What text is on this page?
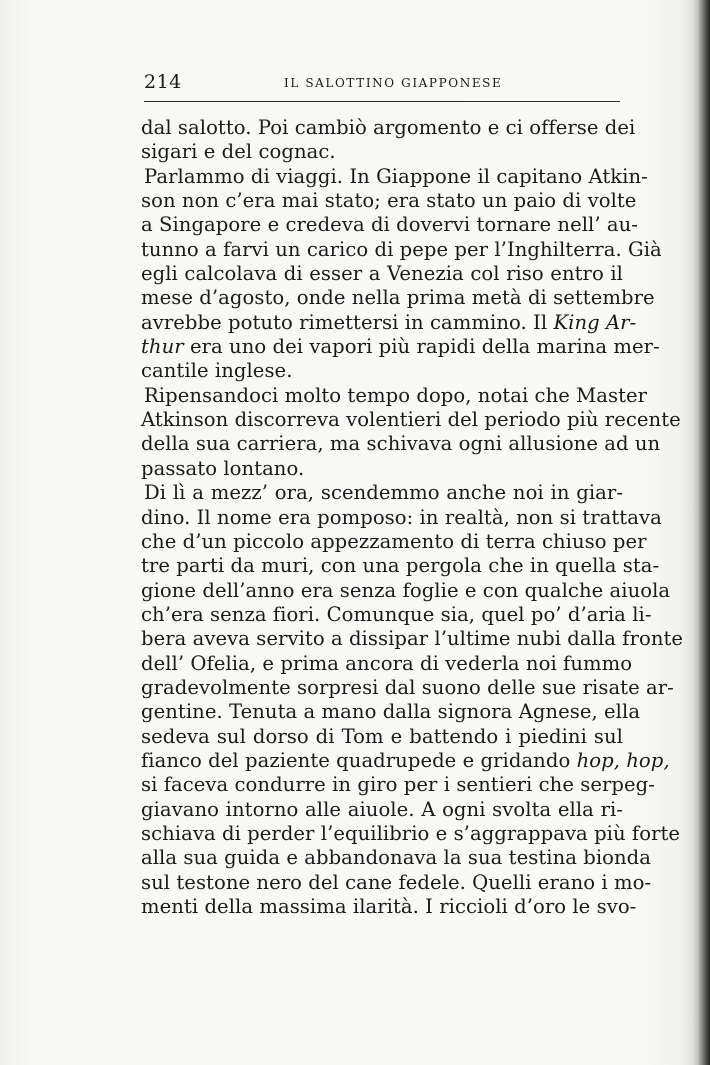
214	IL SALOTTINO GIAPPONESE
dal salotto. Poi cambiò argomento e ci offerse dei
sigari e del cognac.
Parlammo di viaggi. In Giappone il capitano Atkin-
son non c’era mai stato; era stato un paio di volte
a Singapore e credeva di dovervi tornare nell’ au-
tunno a farvi un carico di pepe per l’Inghilterra. Già
egli calcolava di esser a Venezia col riso entro il
mese d’agosto, onde nella prima metà di settembre
avrebbe potuto rimettersi in cammino. Il King Ar-
thur era uno dei vapori più rapidi della marina mer-
cantile inglese.
Ripensandoci molto tempo dopo, notai che Master
Atkinson discorreva volentieri del periodo più recente
della sua carriera, ma schivava ogni allusione ad un
passato lontano.
Di lì a mezz’ ora, scendemmo anche noi in giar-
dino. Il nome era pomposo: in realtà, non si trattava
che d’un piccolo appezzamento di terra chiuso per
tre parti da muri, con una pergola che in quella sta-
gione dell’anno era senza foglie e con qualche aiuola
ch’era senza fiori. Comunque sia, quel po’ d’aria li-
bera aveva servito a dissipar l’ultime nubi dalla fronte
dell’ Ofelia, e prima ancora di vederla noi fummo
gradevolmente sorpresi dal suono delle sue risate ar-
gentine. Tenuta a mano dalla signora Agnese, ella
sedeva sul dorso di Tom e battendo i piedini sul
fianco del paziente quadrupede e gridando hop, hop,
si faceva condurre in giro per i sentieri che serpeg-
giavano intorno alle aiuole. A ogni svolta ella ri-
schiava di perder l’equilibrio e s’aggrappava più forte
alla sua guida e abbandonava la sua testina bionda
sul testone nero del cane fedele. Quelli erano i mo-
menti della massima ilarità. I riccioli d’oro le svo-
